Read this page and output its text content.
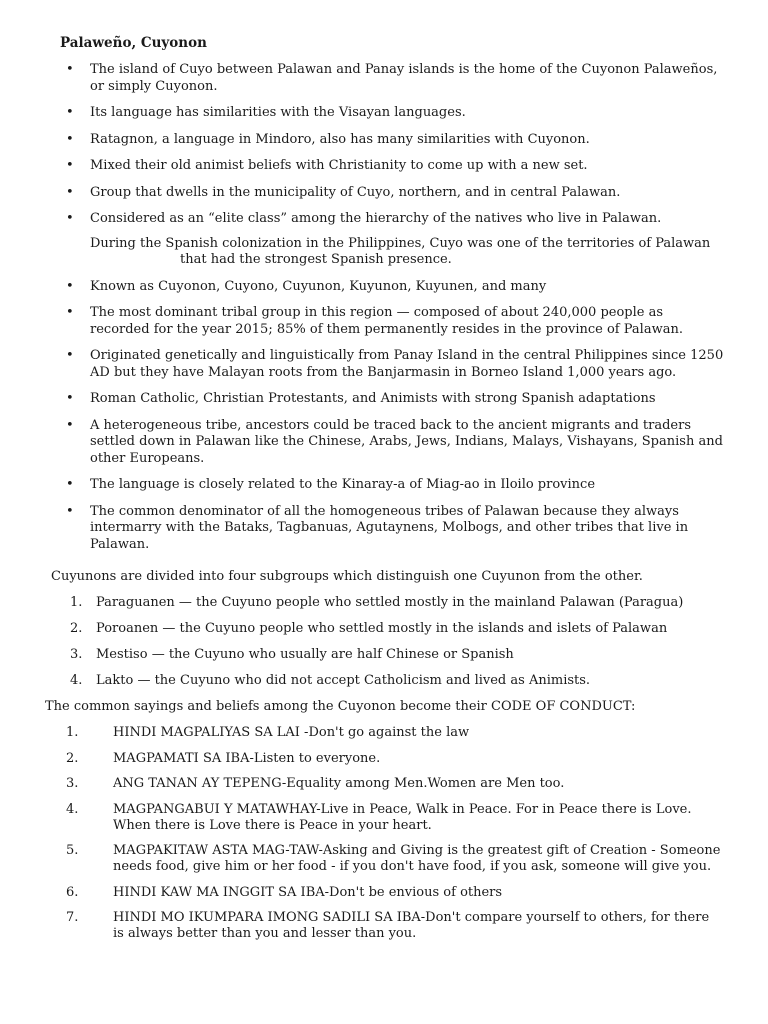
Palaweño, Cuyonon
• The island of Cuyo between Palawan and Panay islands is the home of the Cuyonon Palaweños, or simply Cuyonon.
• Its language has similarities with the Visayan languages.
• Ratagnon, a language in Mindoro, also has many similarities with Cuyonon.
• Mixed their old animist beliefs with Christianity to come up with a new set.
• Group that dwells in the municipality of Cuyo, northern, and in central Palawan.
• Considered as an “elite class” among the hierarchy of the natives who live in Palawan.
During the Spanish colonization in the Philippines, Cuyo was one of the territories of Palawan
that had the strongest Spanish presence.
• Known as Cuyonon, Cuyono, Cuyunon, Kuyunon, Kuyunen, and many
• The most dominant tribal group in this region — composed of about 240,000 people as recorded for the year 2015; 85% of them permanently resides in the province of Palawan.
• Originated genetically and linguistically from Panay Island in the central Philippines since 1250 AD but they have Malayan roots from the Banjarmasin in Borneo Island 1,000 years ago.
• Roman Catholic, Christian Protestants, and Animists with strong Spanish adaptations
• A heterogeneous tribe, ancestors could be traced back to the ancient migrants and traders settled down in Palawan like the Chinese, Arabs, Jews, Indians, Malays, Vishayans, Spanish and other Europeans.
• The language is closely related to the Kinaray-a of Miag-ao in Iloilo province
• The common denominator of all the homogeneous tribes of Palawan because they always intermarry with the Bataks, Tagbanuas, Agutaynens, Molbogs, and other tribes that live in Palawan.
Cuyunons are divided into four subgroups which distinguish one Cuyunon from the other.
1.	Paraguanen — the Cuyuno people who settled mostly in the mainland Palawan (Paragua)
2.	Poroanen — the Cuyuno people who settled mostly in the islands and islets of Palawan
3.	Mestiso — the Cuyuno who usually are half Chinese or Spanish
4.	Lakto — the Cuyuno who did not accept Catholicism and lived as Animists.
The common sayings and beliefs among the Cuyonon become their CODE OF CONDUCT:
1.	HINDI MAGPALIYAS SA LAI -Don't go against the law
2.	MAGPAMATI SA IBA-Listen to everyone.
3.	ANG TANAN AY TEPENG-Equality among Men.Women are Men too.
4.	MAGPANGABUI Y MATAWHAY-Live in Peace, Walk in Peace. For in Peace there is Love. When there is Love there is Peace in your heart.
5.	MAGPAKITAW ASTA MAG-TAW-Asking and Giving is the greatest gift of Creation - Someone needs food, give him or her food - if you don't have food, if you ask, someone will give you.
6.	HINDI KAW MA INGGIT SA IBA-Don't be envious of others
7.	HINDI MO IKUMPARA IMONG SADILI SA IBA-Don't compare yourself to others, for there is always better than you and lesser than you.
